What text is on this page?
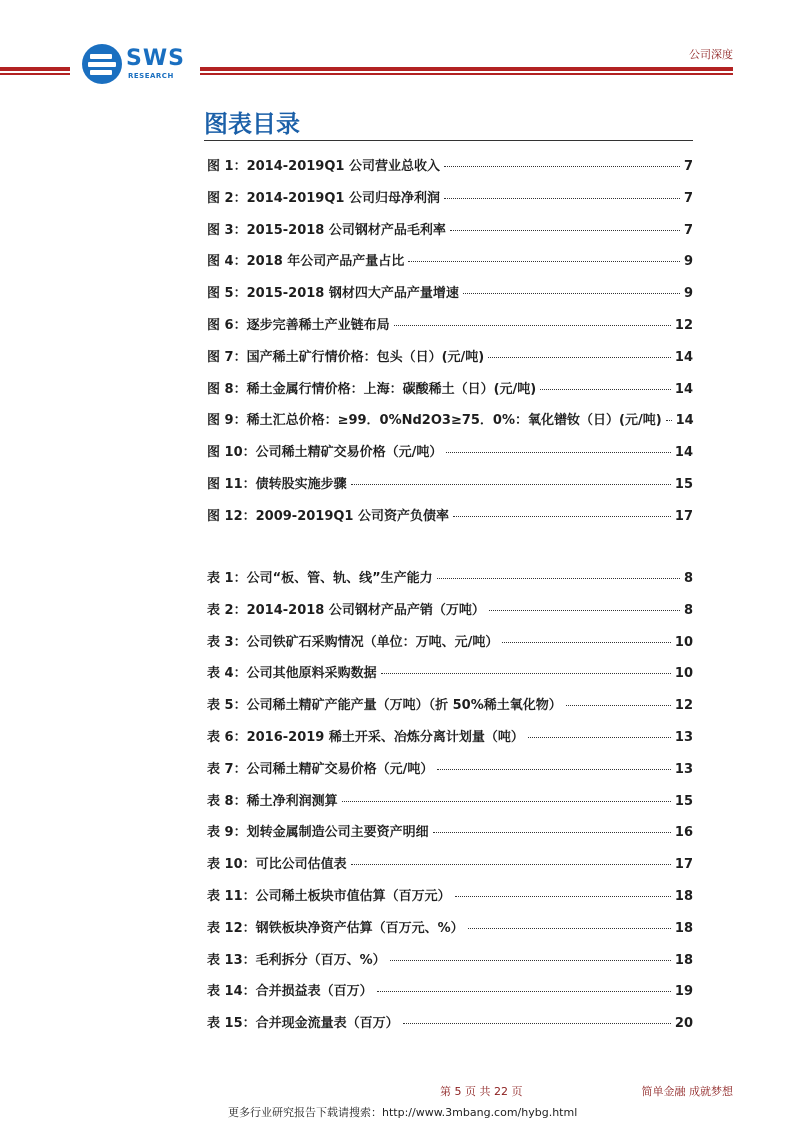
SWS
RESEARCH
公司深度
图表目录
图 1：2014-2019Q1 公司营业总收入	7
图 2：2014-2019Q1 公司归母净利润	7
图 3：2015-2018 公司钢材产品毛利率	7
图 4：2018 年公司产品产量占比	9
图 5：2015-2018 钢材四大产品产量增速	9
图 6：逐步完善稀土产业链布局	12
图 7：国产稀土矿行情价格：包头（日）(元/吨)	14
图 8：稀土金属行情价格：上海：碳酸稀土（日）(元/吨)	14
图 9：稀土汇总价格：≥99．0%Nd2O3≥75．0%：氧化镨钕（日）(元/吨) 14
图 10：公司稀土精矿交易价格（元/吨）	14
图 11：债转股实施步骤	15
图 12：2009-2019Q1 公司资产负债率	17
表 1：公司“板、管、轨、线”生产能力	8
表 2：2014-2018 公司钢材产品产销（万吨）	8
表 3：公司铁矿石采购情况（单位：万吨、元/吨）	10
表 4：公司其他原料采购数据	10
表 5：公司稀土精矿产能产量（万吨）（折 50%稀土氧化物）	12
表 6：2016-2019 稀土开采、冶炼分离计划量（吨）	13
表 7：公司稀土精矿交易价格（元/吨）	13
表 8：稀土净利润测算	15
表 9：划转金属制造公司主要资产明细	16
表 10：可比公司估值表	17
表 11：公司稀土板块市值估算（百万元）	18
表 12：钢铁板块净资产估算（百万元、%）	18
表 13：毛利拆分（百万、%）	18
表 14：合并损益表（百万）	19
表 15：合并现金流量表（百万）	20
第 5 页 共 22 页	简单金融 成就梦想
更多行业研究报告下载请搜索：http://www.3mbang.com/hybg.html
